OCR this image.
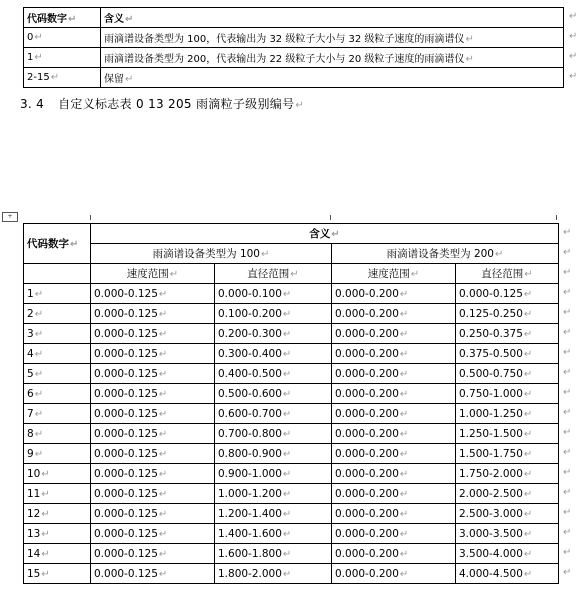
代码数字↵	含义↵
0↵	雨滴谱设备类型为 100，代表输出为 32 级粒子大小与 32 级粒子速度的雨滴谱仪↵
1↵	雨滴谱设备类型为 200，代表输出为 22 级粒子大小与 20 级粒子速度的雨滴谱仪↵
2-15↵	保留↵
3. 4 自定义标志表 0 13 205 雨滴粒子级别编号↵
+
代码数字↵	含义↵			
	雨滴谱设备类型为 100↵		雨滴谱设备类型为 200↵	
	速度范围↵	直径范围↵	速度范围↵	直径范围↵
1↵	0.000-0.125↵	0.000-0.100↵	0.000-0.200↵	0.000-0.125↵
2↵	0.000-0.125↵	0.100-0.200↵	0.000-0.200↵	0.125-0.250↵
3↵	0.000-0.125↵	0.200-0.300↵	0.000-0.200↵	0.250-0.375↵
4↵	0.000-0.125↵	0.300-0.400↵	0.000-0.200↵	0.375-0.500↵
5↵	0.000-0.125↵	0.400-0.500↵	0.000-0.200↵	0.500-0.750↵
6↵	0.000-0.125↵	0.500-0.600↵	0.000-0.200↵	0.750-1.000↵
7↵	0.000-0.125↵	0.600-0.700↵	0.000-0.200↵	1.000-1.250↵
8↵	0.000-0.125↵	0.700-0.800↵	0.000-0.200↵	1.250-1.500↵
9↵	0.000-0.125↵	0.800-0.900↵	0.000-0.200↵	1.500-1.750↵
10↵	0.000-0.125↵	0.900-1.000↵	0.000-0.200↵	1.750-2.000↵
11↵	0.000-0.125↵	1.000-1.200↵	0.000-0.200↵	2.000-2.500↵
12↵	0.000-0.125↵	1.200-1.400↵	0.000-0.200↵	2.500-3.000↵
13↵	0.000-0.125↵	1.400-1.600↵	0.000-0.200↵	3.000-3.500↵
14↵	0.000-0.125↵	1.600-1.800↵	0.000-0.200↵	3.500-4.000↵
15↵	0.000-0.125↵	1.800-2.000↵	0.000-0.200↵	4.000-4.500↵
↵
↵
↵
↵
↵
↵
↵
↵
↵
↵
↵
↵
↵
↵
↵
↵
↵
↵
↵
↵
↵
↵
